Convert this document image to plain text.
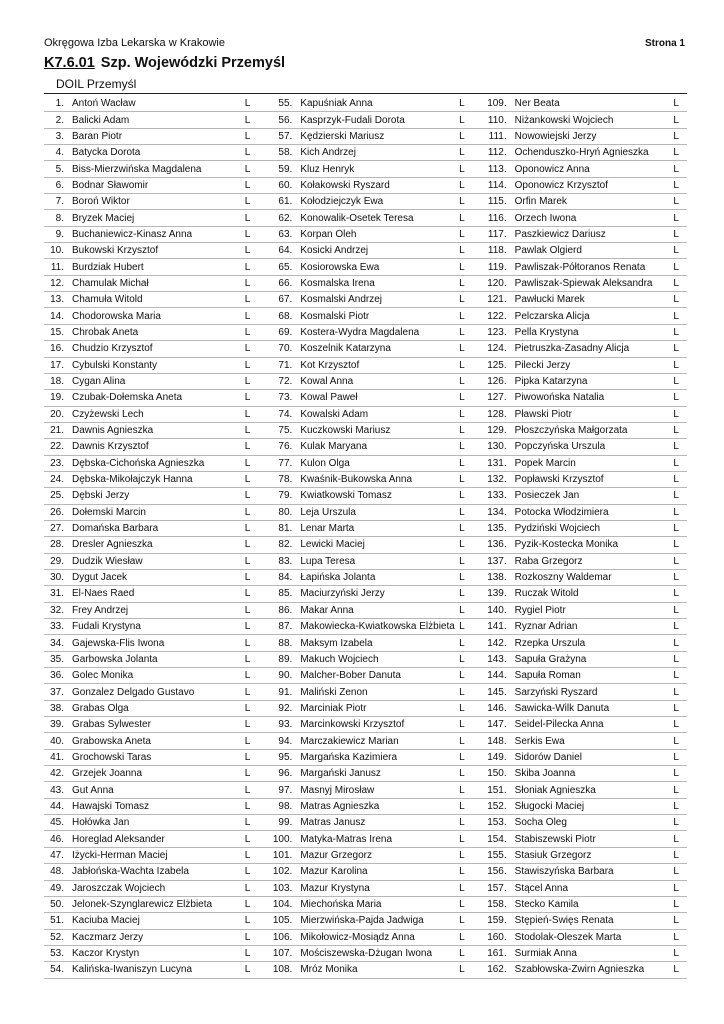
Okręgowa Izba Lekarska w Krakowie	Strona 1
K7.6.01 Szp. Wojewódzki Przemyśl
DOIL Przemyśl
1. Antoń Wacław	L
2. Balicki Adam	L
3. Baran Piotr	L
4. Batycka Dorota	L
5. Biss-Mierzwińska Magdalena	L
6. Bodnar Sławomir	L
7. Boroń Wiktor	L
8. Bryzek Maciej	L
9. Buchaniewicz-Kinasz Anna	L
10. Bukowski Krzysztof	L
11. Burdziak Hubert	L
12. Chamulak Michał	L
13. Chamuła Witold	L
14. Chodorowska Maria	L
15. Chrobak Aneta	L
16. Chudzio Krzysztof	L
17. Cybulski Konstanty	L
18. Cygan Alina	L
19. Czubak-Dołemska Aneta	L
20. Czyżewski Lech	L
21. Dawnis Agnieszka	L
22. Dawnis Krzysztof	L
23. Dębska-Cichońska Agnieszka	L
24. Dębska-Mikołajczyk Hanna	L
25. Dębski Jerzy	L
26. Dołemski Marcin	L
27. Domańska Barbara	L
28. Dresler Agnieszka	L
29. Dudzik Wiesław	L
30. Dygut Jacek	L
31. El-Naes Raed	L
32. Frey Andrzej	L
33. Fudali Krystyna	L
34. Gajewska-Flis Iwona	L
35. Garbowska Jolanta	L
36. Golec Monika	L
37. Gonzalez Delgado Gustavo	L
38. Grabas Olga	L
39. Grabas Sylwester	L
40. Grabowska Aneta	L
41. Grochowski Taras	L
42. Grzejek Joanna	L
43. Gut Anna	L
44. Hawajski Tomasz	L
45. Hołówka Jan	L
46. Horeglad Aleksander	L
47. Iżycki-Herman Maciej	L
48. Jabłońska-Wachta Izabela	L
49. Jaroszczak Wojciech	L
50. Jelonek-Szynglarewicz Elżbieta	L
51. Kaciuba Maciej	L
52. Kaczmarz Jerzy	L
53. Kaczor Krystyn	L
54. Kalińska-Iwaniszyn Lucyna	L
55. Kapuśniak Anna	L
56. Kasprzyk-Fudali Dorota	L
57. Kędzierski Mariusz	L
58. Kich Andrzej	L
59. Kluz Henryk	L
60. Kołakowski Ryszard	L
61. Kołodziejczyk Ewa	L
62. Konowalik-Osetek Teresa	L
63. Korpan Oleh	L
64. Kosicki Andrzej	L
65. Kosiorowska Ewa	L
66. Kosmalska Irena	L
67. Kosmalski Andrzej	L
68. Kosmalski Piotr	L
69. Kostera-Wydra Magdalena	L
70. Koszelnik Katarzyna	L
71. Kot Krzysztof	L
72. Kowal Anna	L
73. Kowal Paweł	L
74. Kowalski Adam	L
75. Kuczkowski Mariusz	L
76. Kulak Maryana	L
77. Kulon Olga	L
78. Kwaśnik-Bukowska Anna	L
79. Kwiatkowski Tomasz	L
80. Leja Urszula	L
81. Lenar Marta	L
82. Lewicki Maciej	L
83. Lupa Teresa	L
84. Łapińska Jolanta	L
85. Maciurzyński Jerzy	L
86. Makar Anna	L
87. Makowiecka-Kwiatkowska Elżbieta L
88. Maksym Izabela	L
89. Makuch Wojciech	L
90. Malcher-Bober Danuta	L
91. Maliński Zenon	L
92. Marciniak Piotr	L
93. Marcinkowski Krzysztof	L
94. Marczakiewicz Marian	L
95. Margańska Kazimiera	L
96. Margański Janusz	L
97. Masnyj Mirosław	L
98. Matras Agnieszka	L
99. Matras Janusz	L
100. Matyka-Matras Irena	L
101. Mazur Grzegorz	L
102. Mazur Karolina	L
103. Mazur Krystyna	L
104. Miechońska Maria	L
105. Mierzwińska-Pajda Jadwiga	L
106. Mikołowicz-Mosiądz Anna	L
107. Mościszewska-Dżugan Iwona	L
108. Mróz Monika	L
109. Ner Beata	L
110. Niżankowski Wojciech	L
111. Nowowiejski Jerzy	L
112. Ochenduszko-Hryń Agnieszka	L
113. Oponowicz Anna	L
114. Oponowicz Krzysztof	L
115. Orfin Marek	L
116. Orzech Iwona	L
117. Paszkiewicz Dariusz	L
118. Pawlak Olgierd	L
119. Pawliszak-Półtoranos Renata	L
120. Pawliszak-Śpiewak Aleksandra	L
121. Pawłucki Marek	L
122. Pelczarska Alicja	L
123. Pella Krystyna	L
124. Pietruszka-Zasadny Alicja	L
125. Pilecki Jerzy	L
126. Pipka Katarzyna	L
127. Piwowońska Natalia	L
128. Pławski Piotr	L
129. Płoszczyńska Małgorzata	L
130. Popczyńska Urszula	L
131. Popek Marcin	L
132. Popławski Krzysztof	L
133. Posieczek Jan	L
134. Potocka Włodzimiera	L
135. Pydziński Wojciech	L
136. Pyzik-Kostecka Monika	L
137. Raba Grzegorz	L
138. Rozkoszny Waldemar	L
139. Ruczak Witold	L
140. Rygiel Piotr	L
141. Ryznar Adrian	L
142. Rzepka Urszula	L
143. Sapuła Grażyna	L
144. Sapuła Roman	L
145. Sarzyński Ryszard	L
146. Sawicka-Wilk Danuta	L
147. Seidel-Pilecka Anna	L
148. Serkis Ewa	L
149. Sidorów Daniel	L
150. Skiba Joanna	L
151. Słoniak Agnieszka	L
152. Sługocki Maciej	L
153. Socha Oleg	L
154. Stabiszewski Piotr	L
155. Stasiuk Grzegorz	L
156. Stawiszyńska Barbara	L
157. Stącel Anna	L
158. Stecko Kamila	L
159. Stępień-Święs Renata	L
160. Stodolak-Oleszek Marta	L
161. Surmiak Anna	L
162. Szabłowska-Zwirn Agnieszka	L
